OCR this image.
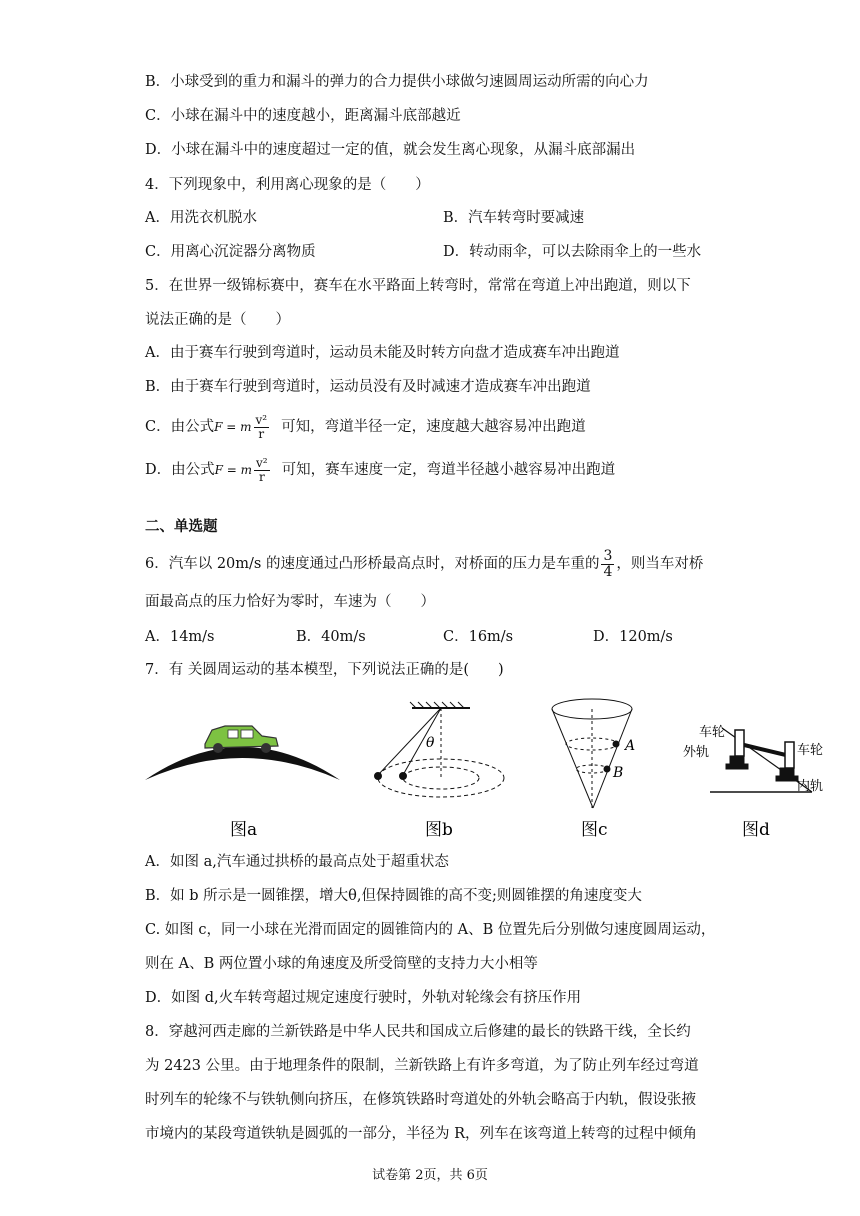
B．小球受到的重力和漏斗的弹力的合力提供小球做匀速圆周运动所需的向心力
C．小球在漏斗中的速度越小，距离漏斗底部越近
D．小球在漏斗中的速度超过一定的值，就会发生离心现象，从漏斗底部漏出
4．下列现象中，利用离心现象的是（　　）
A．用洗衣机脱水	B．汽车转弯时要减速
C．用离心沉淀器分离物质	D．转动雨伞，可以去除雨伞上的一些水
5．在世界一级锦标赛中，赛车在水平路面上转弯时，常常在弯道上冲出跑道，则以下
说法正确的是（　　）
A．由于赛车行驶到弯道时，运动员未能及时转方向盘才造成赛车冲出跑道
B．由于赛车行驶到弯道时，运动员没有及时减速才造成赛车冲出跑道
C．由公式 F = m $\frac{\text{v²}}{r}$ 可知，弯道半径一定，速度越大越容易冲出跑道
D．由公式 F = m $\frac{\text{v²}}{r}$ 可知，赛车速度一定，弯道半径越小越容易冲出跑道
二、单选题
6．汽车以 20m/s 的速度通过凸形桥最高点时，对桥面的压力是车重的 $\frac{3}{4}$ ，则当车对桥
面最高点的压力恰好为零时，车速为（　　）
A．14m/s	B．40m/s	C．16m/s	D．120m/s
7．有 关圆周运动的基本模型，下列说法正确的是(　　)
图a
θ
图b
A
B
图c
车轮
外轨	车轮
内轨
图d
A．如图 a,汽车通过拱桥的最高点处于超重状态
B．如 b 所示是一圆锥摆，增大θ,但保持圆锥的高不变;则圆锥摆的角速度变大
C. 如图 c，同一小球在光滑而固定的圆锥筒内的 A、B 位置先后分别做匀速度圆周运动，
则在 A、B 两位置小球的角速度及所受筒壁的支持力大小相等
D．如图 d,火车转弯超过规定速度行驶时，外轨对轮缘会有挤压作用
8．穿越河西走廊的兰新铁路是中华人民共和国成立后修建的最长的铁路干线，全长约
为 2423 公里。由于地理条件的限制，兰新铁路上有许多弯道，为了防止列车经过弯道
时列车的轮缘不与铁轨侧向挤压，在修筑铁路时弯道处的外轨会略高于内轨，假设张掖
市境内的某段弯道铁轨是圆弧的一部分，半径为 R，列车在该弯道上转弯的过程中倾角
试卷第 2页，共 6页
